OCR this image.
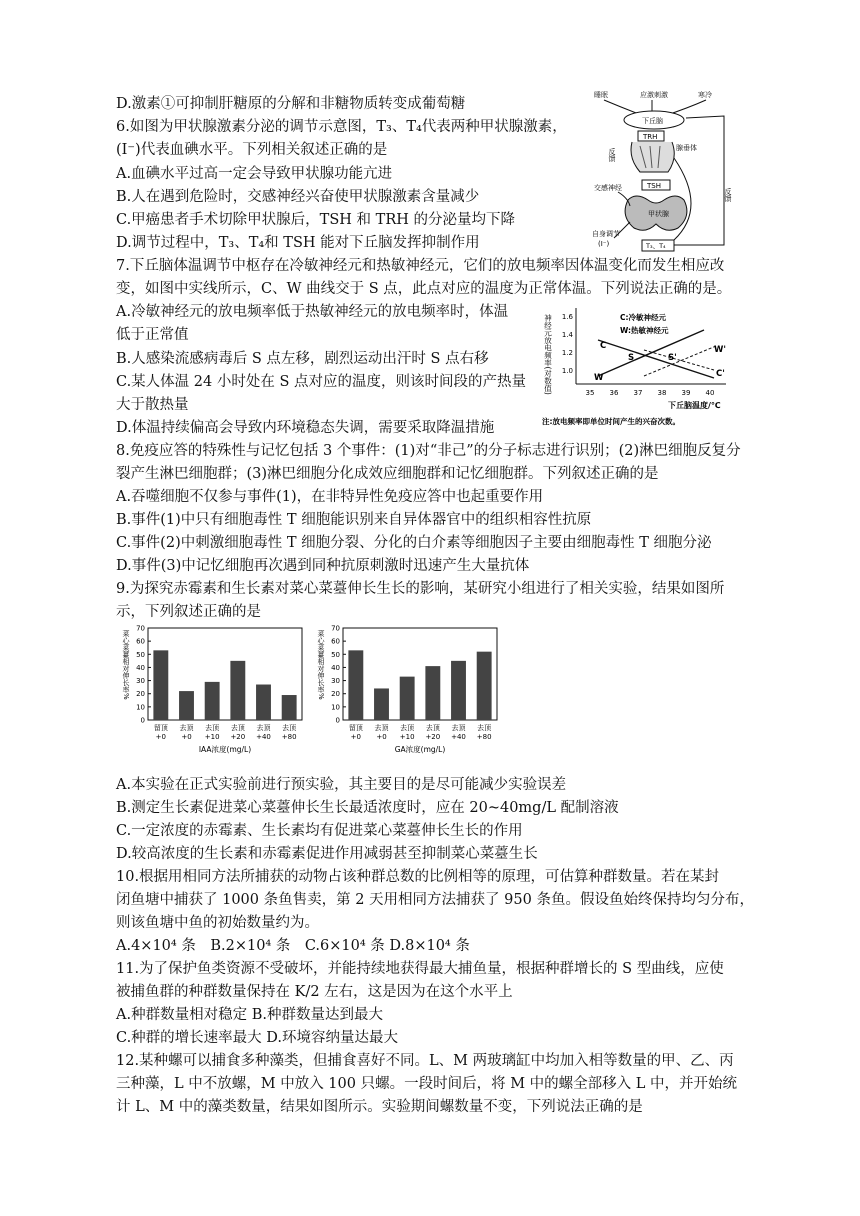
D.激素①可抑制肝糖原的分解和非糖物质转变成葡萄糖
6.如图为甲状腺激素分泌的调节示意图，T₃、T₄代表两种甲状腺激素，
(I⁻)代表血碘水平。下列相关叙述正确的是
A.血碘水平过高一定会导致甲状腺功能亢进
B.人在遇到危险时，交感神经兴奋使甲状腺激素含量减少
C.甲癌患者手术切除甲状腺后，TSH 和 TRH 的分泌量均下降
D.调节过程中，T₃、T₄和 TSH 能对下丘脑发挥抑制作用
7.下丘脑体温调节中枢存在冷敏神经元和热敏神经元，它们的放电频率因体温变化而发生相应改
变，如图中实线所示，C、W 曲线交于 S 点，此点对应的温度为正常体温。下列说法正确的是。
A.冷敏神经元的放电频率低于热敏神经元的放电频率时，体温
低于正常值
B.人感染流感病毒后 S 点左移，剧烈运动出汗时 S 点右移
C.某人体温 24 小时处在 S 点对应的温度，则该时间段的产热量
大于散热量
D.体温持续偏高会导致内环境稳态失调，需要采取降温措施
8.免疫应答的特殊性与记忆包括 3 个事件：(1)对“非己”的分子标志进行识别；(2)淋巴细胞反复分
裂产生淋巴细胞群；(3)淋巴细胞分化成效应细胞群和记忆细胞群。下列叙述正确的是
A.吞噬细胞不仅参与事件(1)，在非特异性免疫应答中也起重要作用
B.事件(1)中只有细胞毒性 T 细胞能识别来自异体器官中的组织相容性抗原
C.事件(2)中刺激细胞毒性 T 细胞分裂、分化的白介素等细胞因子主要由细胞毒性 T 细胞分泌
D.事件(3)中记忆细胞再次遇到同种抗原刺激时迅速产生大量抗体
9.为探究赤霉素和生长素对菜心菜薹伸长生长的影响，某研究小组进行了相关实验，结果如图所
示，下列叙述正确的是
A.本实验在正式实验前进行预实验，其主要目的是尽可能减少实验误差
B.测定生长素促进菜心菜薹伸长生长最适浓度时，应在 20~40mg/L 配制溶液
C.一定浓度的赤霉素、生长素均有促进菜心菜薹伸长生长的作用
D.较高浓度的生长素和赤霉素促进作用减弱甚至抑制菜心菜薹生长
10.根据用相同方法所捕获的动物占该种群总数的比例相等的原理，可估算种群数量。若在某封
闭鱼塘中捕获了 1000 条鱼售卖，第 2 天用相同方法捕获了 950 条鱼。假设鱼始终保持均匀分布，
则该鱼塘中鱼的初始数量约为。
A.4×10⁴ 条　B.2×10⁴ 条　C.6×10⁴ 条 D.8×10⁴ 条
11.为了保护鱼类资源不受破坏，并能持续地获得最大捕鱼量，根据种群增长的 S 型曲线，应使
被捕鱼群的种群数量保持在 K/2 左右，这是因为在这个水平上
A.种群数量相对稳定 B.种群数量达到最大
C.种群的增长速率最大 D.环境容纳量达最大
12.某种螺可以捕食多种藻类，但捕食喜好不同。L、M 两玻璃缸中均加入相等数量的甲、乙、丙
三种藻，L 中不放螺，M 中放入 100 只螺。一段时间后，将 M 中的螺全部移入 L 中，并开始统
计 L、M 中的藻类数量，结果如图所示。实验期间螺数量不变，下列说法正确的是
睡眠	应激刺激	寒冷
下丘脑
TRH
腺垂体
TSH
甲状腺
T₃、T₄
反馈
反馈
交感神经
自身调节
(I⁻)
神经元放电频率(对数值) 1.6
1.4
1.2
1.0
35 36 37 38 39 40
C:冷敏神经元
W:热敏神经元
C
W
S	S'
W'
C'
下丘脑温度/℃
注:放电频率即单位时间产生的兴奋次数。
菜心菜薹相对伸长率%
0
10
20
30
40
50
60
70
留顶
+0
去顶
+0
去顶
+10
去顶
+20
去顶
+40
去顶
+80
IAA浓度(mg/L)
菜心菜薹相对伸长率%
0
10
20
30
40
50
60
70
留顶
+0
去顶
+0
去顶
+10
去顶
+20
去顶
+40
去顶
+80
GA浓度(mg/L)
